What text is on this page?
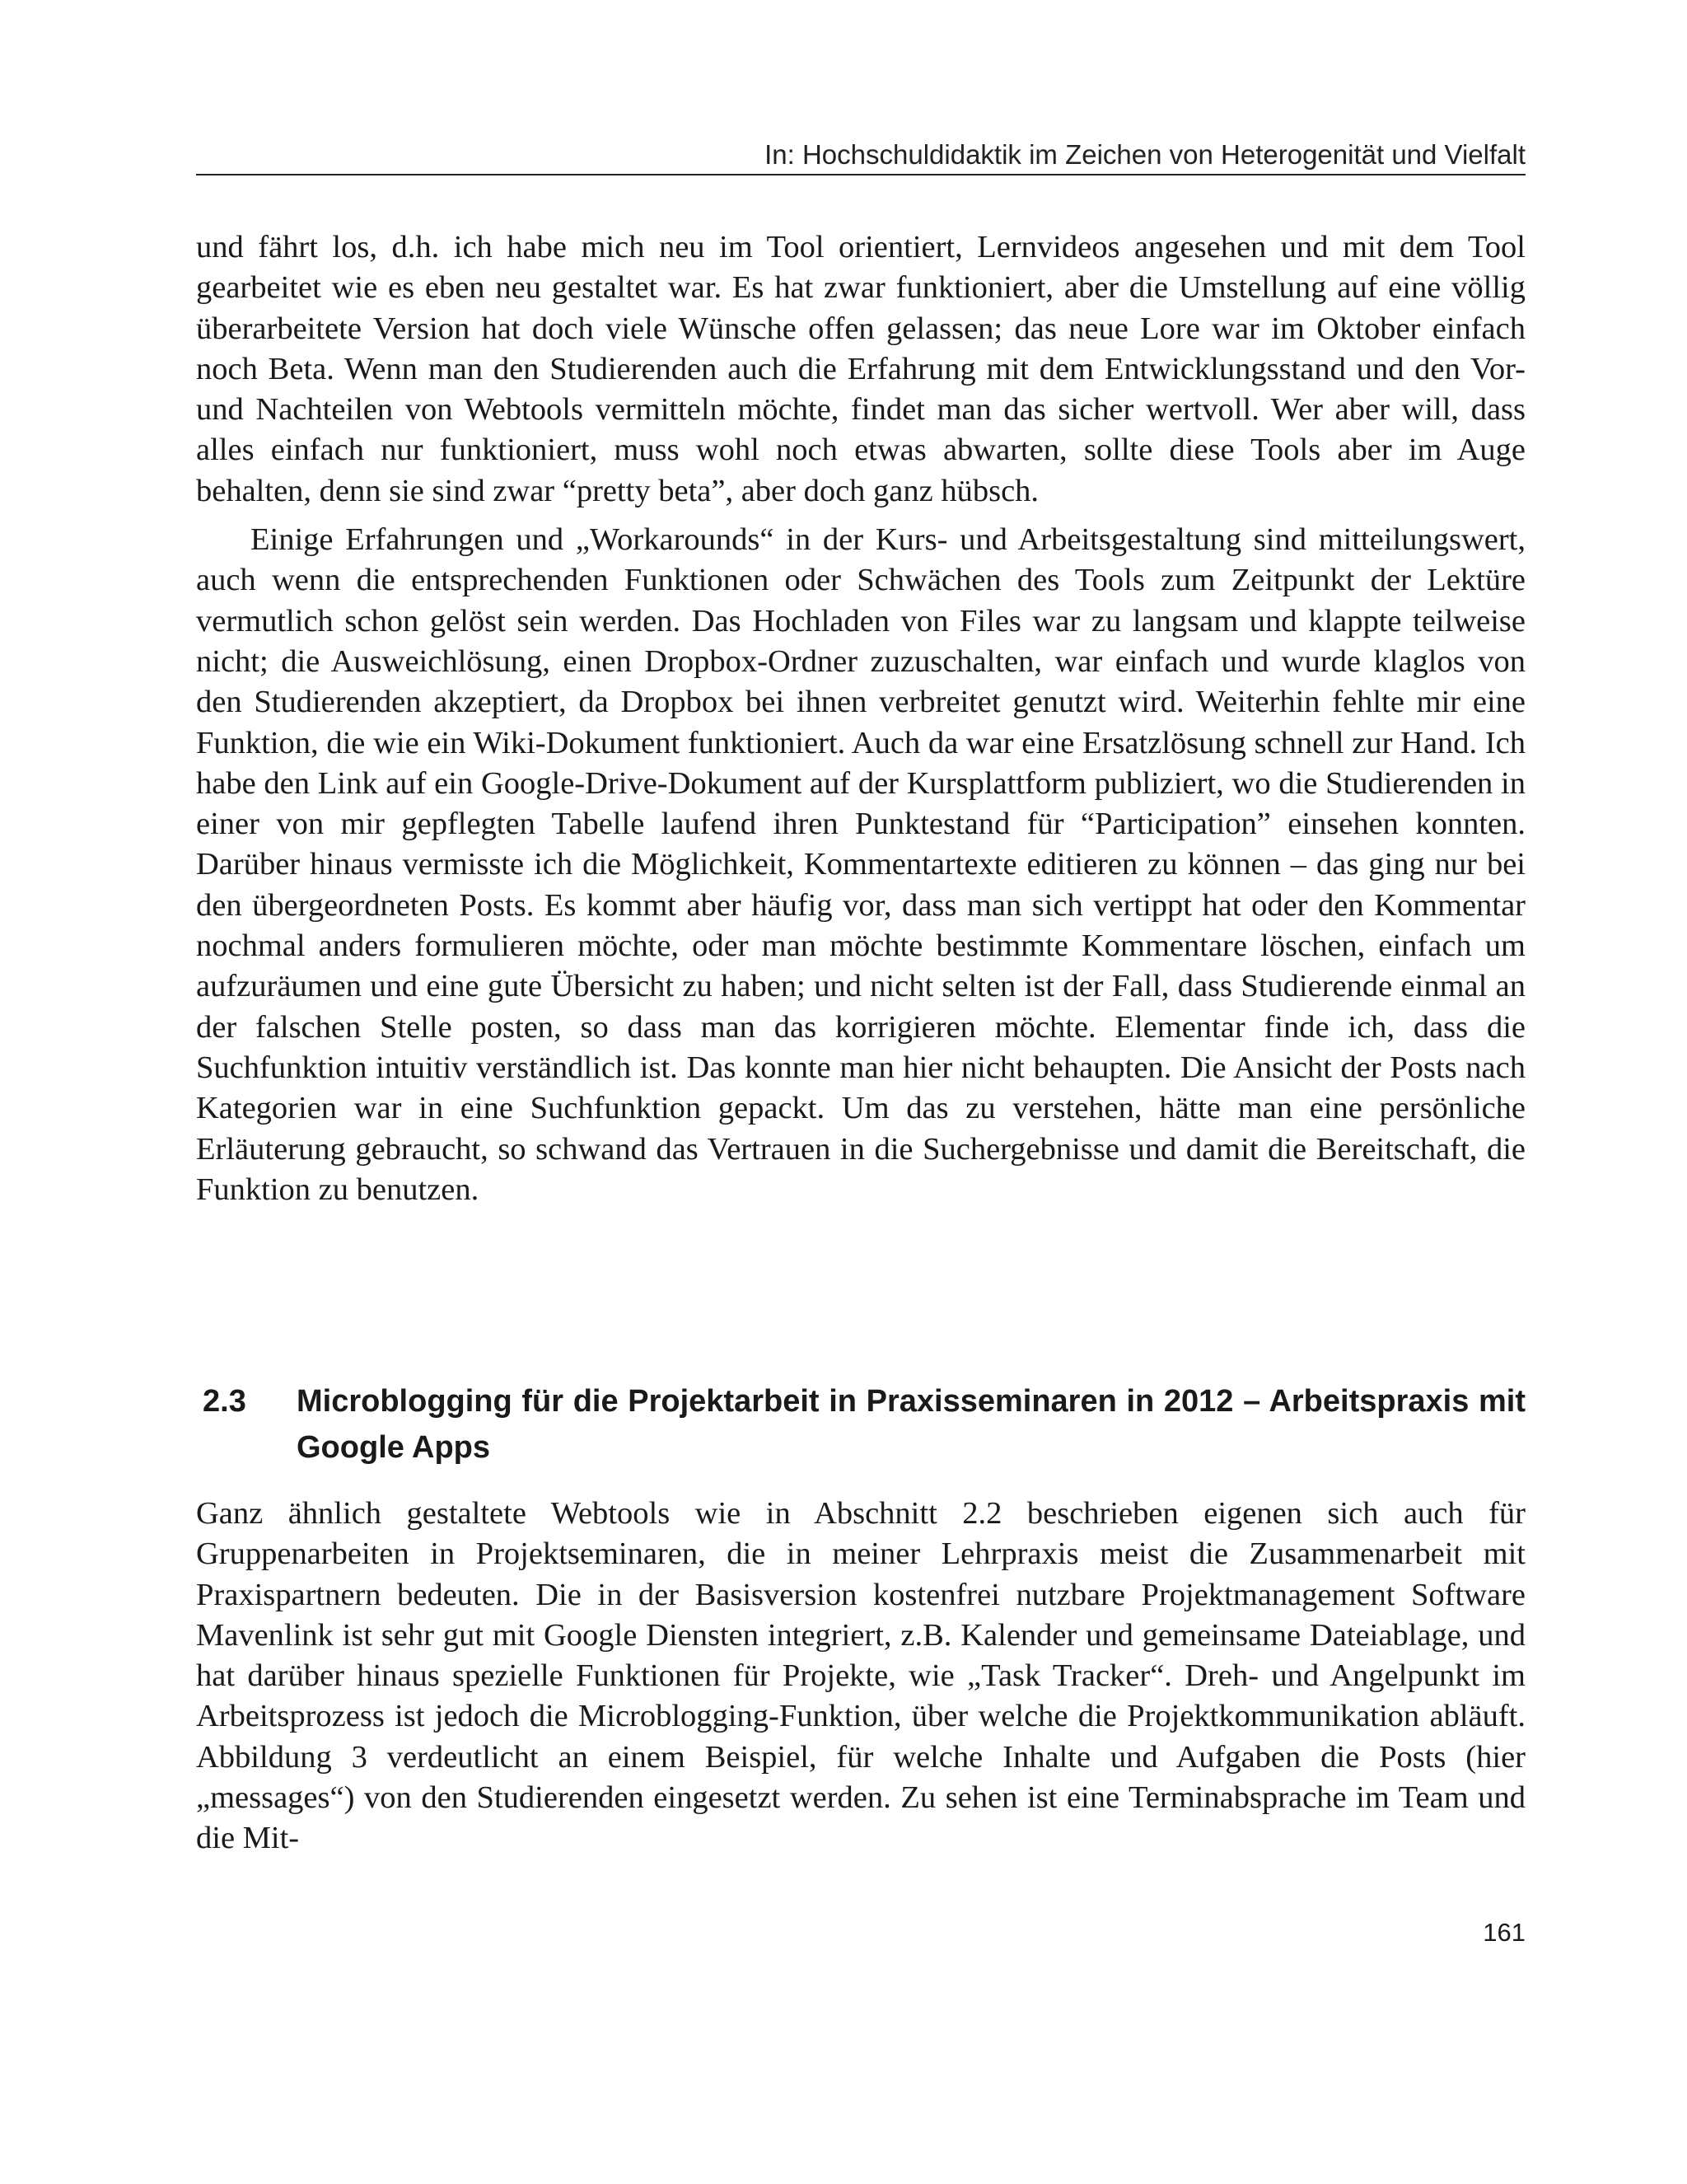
In: Hochschuldidaktik im Zeichen von Heterogenität und Vielfalt

und fährt los, d.h. ich habe mich neu im Tool orientiert, Lernvideos angesehen und mit dem Tool gearbeitet wie es eben neu gestaltet war. Es hat zwar funktioniert, aber die Umstellung auf eine völlig überarbeitete Version hat doch viele Wünsche offen gelassen; das neue Lore war im Oktober einfach noch Beta. Wenn man den Studierenden auch die Erfahrung mit dem Entwicklungsstand und den Vor- und Nachteilen von Webtools vermitteln möchte, findet man das sicher wertvoll. Wer aber will, dass alles einfach nur funktioniert, muss wohl noch etwas abwarten, sollte diese Tools aber im Auge behalten, denn sie sind zwar “pretty beta”, aber doch ganz hübsch.

Einige Erfahrungen und „Workarounds“ in der Kurs- und Arbeitsgestaltung sind mitteilungswert, auch wenn die entsprechenden Funktionen oder Schwächen des Tools zum Zeitpunkt der Lektüre vermutlich schon gelöst sein werden. Das Hochladen von Files war zu langsam und klappte teilweise nicht; die Ausweichlösung, einen Dropbox-Ordner zuzuschalten, war einfach und wurde klaglos von den Studierenden akzeptiert, da Dropbox bei ihnen verbreitet genutzt wird. Weiterhin fehlte mir eine Funktion, die wie ein Wiki-Dokument funktioniert. Auch da war eine Ersatzlösung schnell zur Hand. Ich habe den Link auf ein Google-Drive-Dokument auf der Kursplattform publiziert, wo die Studierenden in einer von mir gepflegten Tabelle laufend ihren Punktestand für “Participation” einsehen konnten. Darüber hinaus vermisste ich die Möglichkeit, Kommentartexte editieren zu können – das ging nur bei den übergeordneten Posts. Es kommt aber häufig vor, dass man sich vertippt hat oder den Kommentar nochmal anders formulieren möchte, oder man möchte bestimmte Kommentare löschen, einfach um aufzuräumen und eine gute Übersicht zu haben; und nicht selten ist der Fall, dass Studierende einmal an der falschen Stelle posten, so dass man das korrigieren möchte. Elementar finde ich, dass die Suchfunktion intuitiv verständlich ist. Das konnte man hier nicht behaupten. Die Ansicht der Posts nach Kategorien war in eine Suchfunktion gepackt. Um das zu verstehen, hätte man eine persönliche Erläuterung gebraucht, so schwand das Vertrauen in die Suchergebnisse und damit die Bereitschaft, die Funktion zu benutzen.

2.3	Microblogging für die Projektarbeit in Praxisseminaren in 2012 – Arbeitspraxis mit Google Apps

Ganz ähnlich gestaltete Webtools wie in Abschnitt 2.2 beschrieben eigenen sich auch für Gruppenarbeiten in Projektseminaren, die in meiner Lehrpraxis meist die Zusammenarbeit mit Praxispartnern bedeuten. Die in der Basisversion kostenfrei nutzbare Projektmanagement Software Mavenlink ist sehr gut mit Google Diensten integriert, z.B. Kalender und gemeinsame Dateiablage, und hat darüber hinaus spezielle Funktionen für Projekte, wie „Task Tracker“. Dreh- und Angelpunkt im Arbeitsprozess ist jedoch die Microblogging-Funktion, über welche die Projektkommunikation abläuft. Abbildung 3 verdeutlicht an einem Beispiel, für welche Inhalte und Aufgaben die Posts (hier „messages“) von den Studierenden eingesetzt werden. Zu sehen ist eine Terminabsprache im Team und die Mit-

161
